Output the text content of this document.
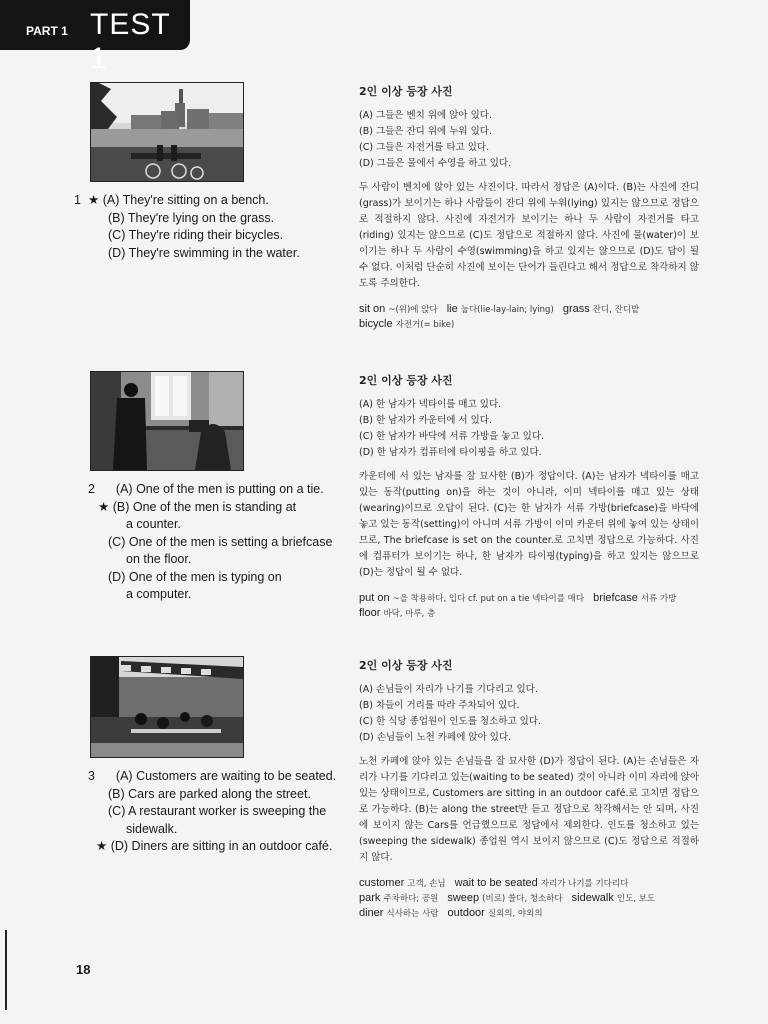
PART 1 TEST 1
1 ★ (A) They're sitting on a bench.
(B) They're lying on the grass.
(C) They're riding their bicycles.
(D) They're swimming in the water.
2 (A) One of the men is putting on a tie.
★ (B) One of the men is standing at
a counter.
(C) One of the men is setting a briefcase
on the floor.
(D) One of the men is typing on
a computer.
3 (A) Customers are waiting to be seated.
(B) Cars are parked along the street.
(C) A restaurant worker is sweeping the
sidewalk.
★ (D) Diners are sitting in an outdoor café.
2인 이상 등장 사진
(A) 그들은 벤치 위에 앉아 있다.
(B) 그들은 잔디 위에 누워 있다.
(C) 그들은 자전거를 타고 있다.
(D) 그들은 물에서 수영을 하고 있다.
두 사람이 벤치에 앉아 있는 사진이다. 따라서 정답은 (A)이다. (B)는 사진에 잔디(grass)가 보이기는 하나 사람들이 잔디 위에 누워(lying) 있지는 않으므로 정답으로 적절하지 않다. 사진에 자전거가 보이기는 하나 두 사람이 자전거를 타고(riding) 있지는 않으므로 (C)도 정답으로 적절하지 않다. 사진에 물(water)이 보이기는 하나 두 사람이 수영(swimming)을 하고 있지는 않으므로 (D)도 답이 될 수 없다. 이처럼 단순히 사진에 보이는 단어가 들린다고 해서 정답으로 착각하지 않도록 주의한다.
sit on ~(위)에 앉다 lie 눕다(lie-lay-lain; lying) grass 잔디, 잔디밭
bicycle 자전거(= bike)
2인 이상 등장 사진
(A) 한 남자가 넥타이를 매고 있다.
(B) 한 남자가 카운터에 서 있다.
(C) 한 남자가 바닥에 서류 가방을 놓고 있다.
(D) 한 남자가 컴퓨터에 타이핑을 하고 있다.
카운터에 서 있는 남자를 잘 묘사한 (B)가 정답이다. (A)는 남자가 넥타이를 매고 있는 동작(putting on)을 하는 것이 아니라, 이미 넥타이를 매고 있는 상태(wearing)이므로 오답이 된다. (C)는 한 남자가 서류 가방(briefcase)을 바닥에 놓고 있는 동작(setting)이 아니며 서류 가방이 이미 카운터 위에 놓여 있는 상태이므로, The briefcase is set on the counter.로 고치면 정답으로 가능하다. 사진에 컴퓨터가 보이기는 하나, 한 남자가 타이핑(typing)을 하고 있지는 않으므로 (D)는 정답이 될 수 없다.
put on ~을 착용하다, 입다 cf. put on a tie 넥타이를 매다 briefcase 서류 가방
floor 바닥, 마루, 층
2인 이상 등장 사진
(A) 손님들이 자리가 나기를 기다리고 있다.
(B) 차들이 거리를 따라 주차되어 있다.
(C) 한 식당 종업원이 인도를 청소하고 있다.
(D) 손님들이 노천 카페에 앉아 있다.
노천 카페에 앉아 있는 손님들을 잘 묘사한 (D)가 정답이 된다. (A)는 손님들은 자리가 나기를 기다리고 있는(waiting to be seated) 것이 아니라 이미 자리에 앉아 있는 상태이므로, Customers are sitting in an outdoor café.로 고치면 정답으로 가능하다. (B)는 along the street만 듣고 정답으로 착각해서는 안 되며, 사진에 보이지 않는 Cars를 언급했으므로 정답에서 제외한다. 인도를 청소하고 있는(sweeping the sidewalk) 종업원 역시 보이지 않으므로 (C)도 정답으로 적절하지 않다.
customer 고객, 손님 wait to be seated 자리가 나기를 기다리다
park 주차하다; 공원 sweep (비로) 쓸다, 청소하다 sidewalk 인도, 보도
diner 식사하는 사람 outdoor 실외의, 야외의
18
